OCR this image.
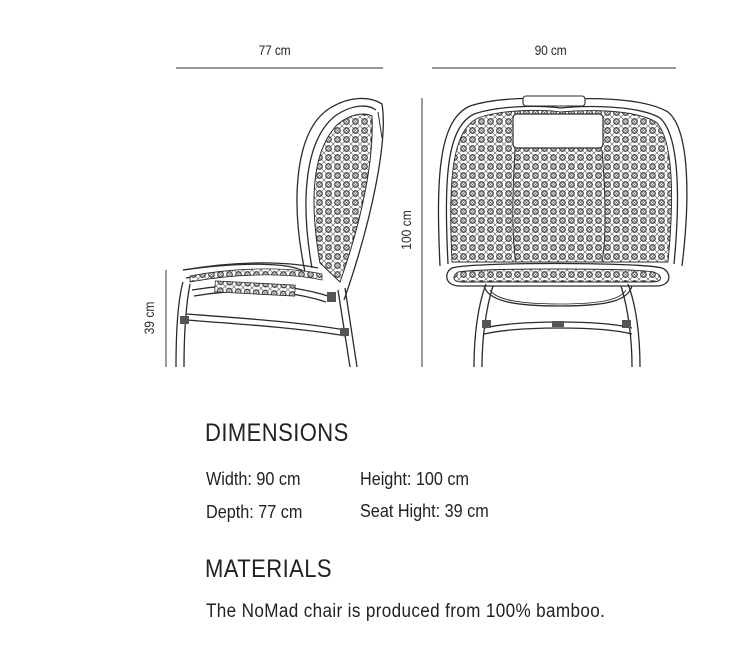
77 cm	90 cm
100 cm
39 cm
DIMENSIONS
Width: 90 cm	Height: 100 cm
Depth: 77 cm	Seat Hight: 39 cm
MATERIALS
The NoMad chair is produced from 100% bamboo.
